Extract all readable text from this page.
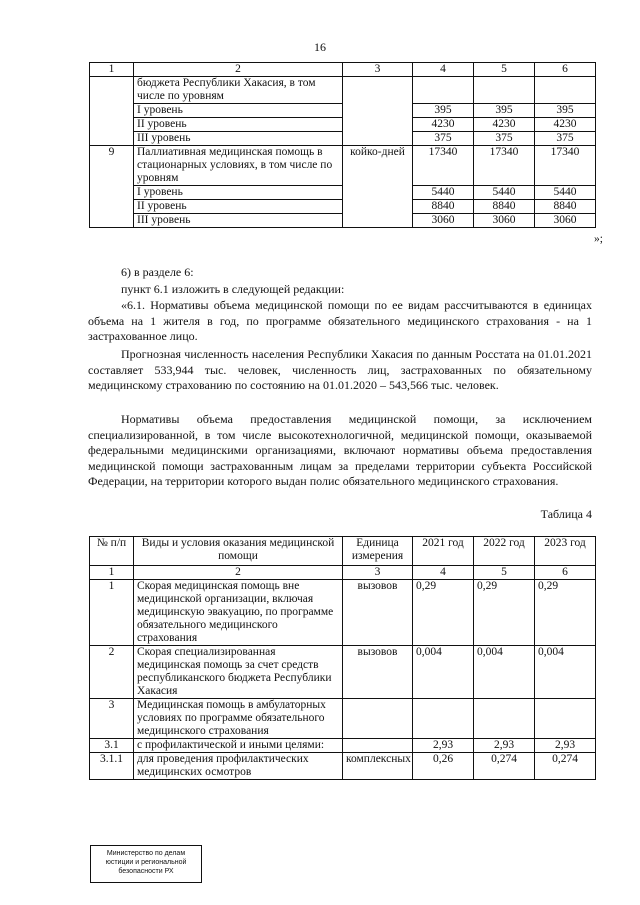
16
1	2	3	4	5	6
	бюджета Республики Хакасия, в том числе по уровням				
	I уровень		395	395	395
	II уровень		4230	4230	4230
	III уровень		375	375	375
9	Паллиативная медицинская помощь в стационарных условиях, в том числе по уровням	койко-дней	17340	17340	17340
	I уровень		5440	5440	5440
	II уровень		8840	8840	8840
	III уровень		3060	3060	3060
»;

6) в разделе 6:

пункт 6.1 изложить в следующей редакции:

«6.1. Нормативы объема медицинской помощи по ее видам рассчитываются в единицах объема на 1 жителя в год, по программе обязательного медицинского страхования - на 1 застрахованное лицо.

Прогнозная численность населения Республики Хакасия по данным Росстата на 01.01.2021 составляет 533,944 тыс. человек, численность лиц, застрахованных по обязательному медицинскому страхованию по состоянию на 01.01.2020 – 543,566 тыс. человек.

Нормативы объема предоставления медицинской помощи, за исключением специализированной, в том числе высокотехнологичной, медицинской помощи, оказываемой федеральными медицинскими организациями, включают нормативы объема предоставления медицинской помощи застрахованным лицам за пределами территории субъекта Российской Федерации, на территории которого выдан полис обязательного медицинского страхования.

Таблица 4
№ п/п	Виды и условия оказания медицинской помощи	Единица измерения	2021 год	2022 год	2023 год
1	2	3	4	5	6
1	Скорая медицинская помощь вне медицинской организации, включая медицинскую эвакуацию, по программе обязательного медицинского страхования	вызовов	0,29	0,29	0,29
2	Скорая специализированная медицинская помощь за счет средств республиканского бюджета Республики Хакасия	вызовов	0,004	0,004	0,004
3	Медицинская помощь в амбулаторных условиях по программе обязательного медицинского страхования				
3.1	с профилактической и иными целями:		2,93	2,93	2,93
3.1.1	для проведения профилактических медицинских осмотров	комплексных	0,26	0,274	0,274
Министерство по делам
юстиции и региональной
безопасности РХ
